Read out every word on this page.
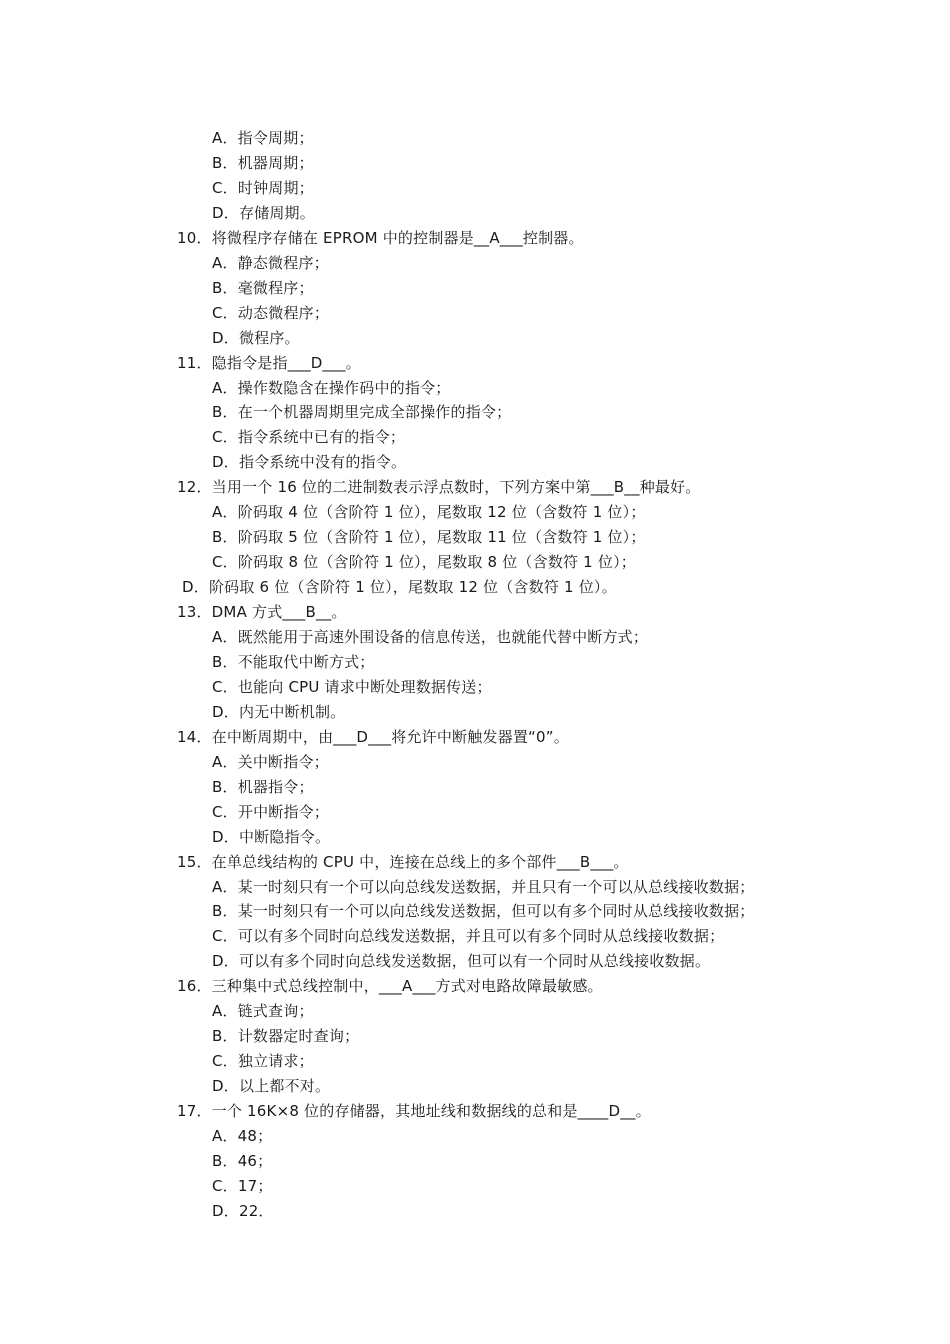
A．指令周期；
B．机器周期；
C．时钟周期；
D．存储周期。
10．将微程序存储在 EPROM 中的控制器是__A___控制器。
A．静态微程序；
B．毫微程序；
C．动态微程序；
D．微程序。
11．隐指令是指___D___。
A．操作数隐含在操作码中的指令；
B．在一个机器周期里完成全部操作的指令；
C．指令系统中已有的指令；
D．指令系统中没有的指令。
12．当用一个 16 位的二进制数表示浮点数时，下列方案中第___B__种最好。
A．阶码取 4 位（含阶符 1 位），尾数取 12 位（含数符 1 位）；
B．阶码取 5 位（含阶符 1 位），尾数取 11 位（含数符 1 位）；
C．阶码取 8 位（含阶符 1 位），尾数取 8 位（含数符 1 位）；
D．阶码取 6 位（含阶符 1 位），尾数取 12 位（含数符 1 位）。
13．DMA 方式___B__。
A．既然能用于高速外围设备的信息传送，也就能代替中断方式；
B．不能取代中断方式；
C．也能向 CPU 请求中断处理数据传送；
D．内无中断机制。
14．在中断周期中，由___D___将允许中断触发器置“0”。
A．关中断指令；
B．机器指令；
C．开中断指令；
D．中断隐指令。
15．在单总线结构的 CPU 中，连接在总线上的多个部件___B___。
A．某一时刻只有一个可以向总线发送数据，并且只有一个可以从总线接收数据；
B．某一时刻只有一个可以向总线发送数据，但可以有多个同时从总线接收数据；
C．可以有多个同时向总线发送数据，并且可以有多个同时从总线接收数据；
D．可以有多个同时向总线发送数据，但可以有一个同时从总线接收数据。
16．三种集中式总线控制中，___A___方式对电路故障最敏感。
A．链式查询；
B．计数器定时查询；
C．独立请求；
D．以上都不对。
17．一个 16K×8 位的存储器，其地址线和数据线的总和是____D__。
A．48；
B．46；
C．17；
D．22．
